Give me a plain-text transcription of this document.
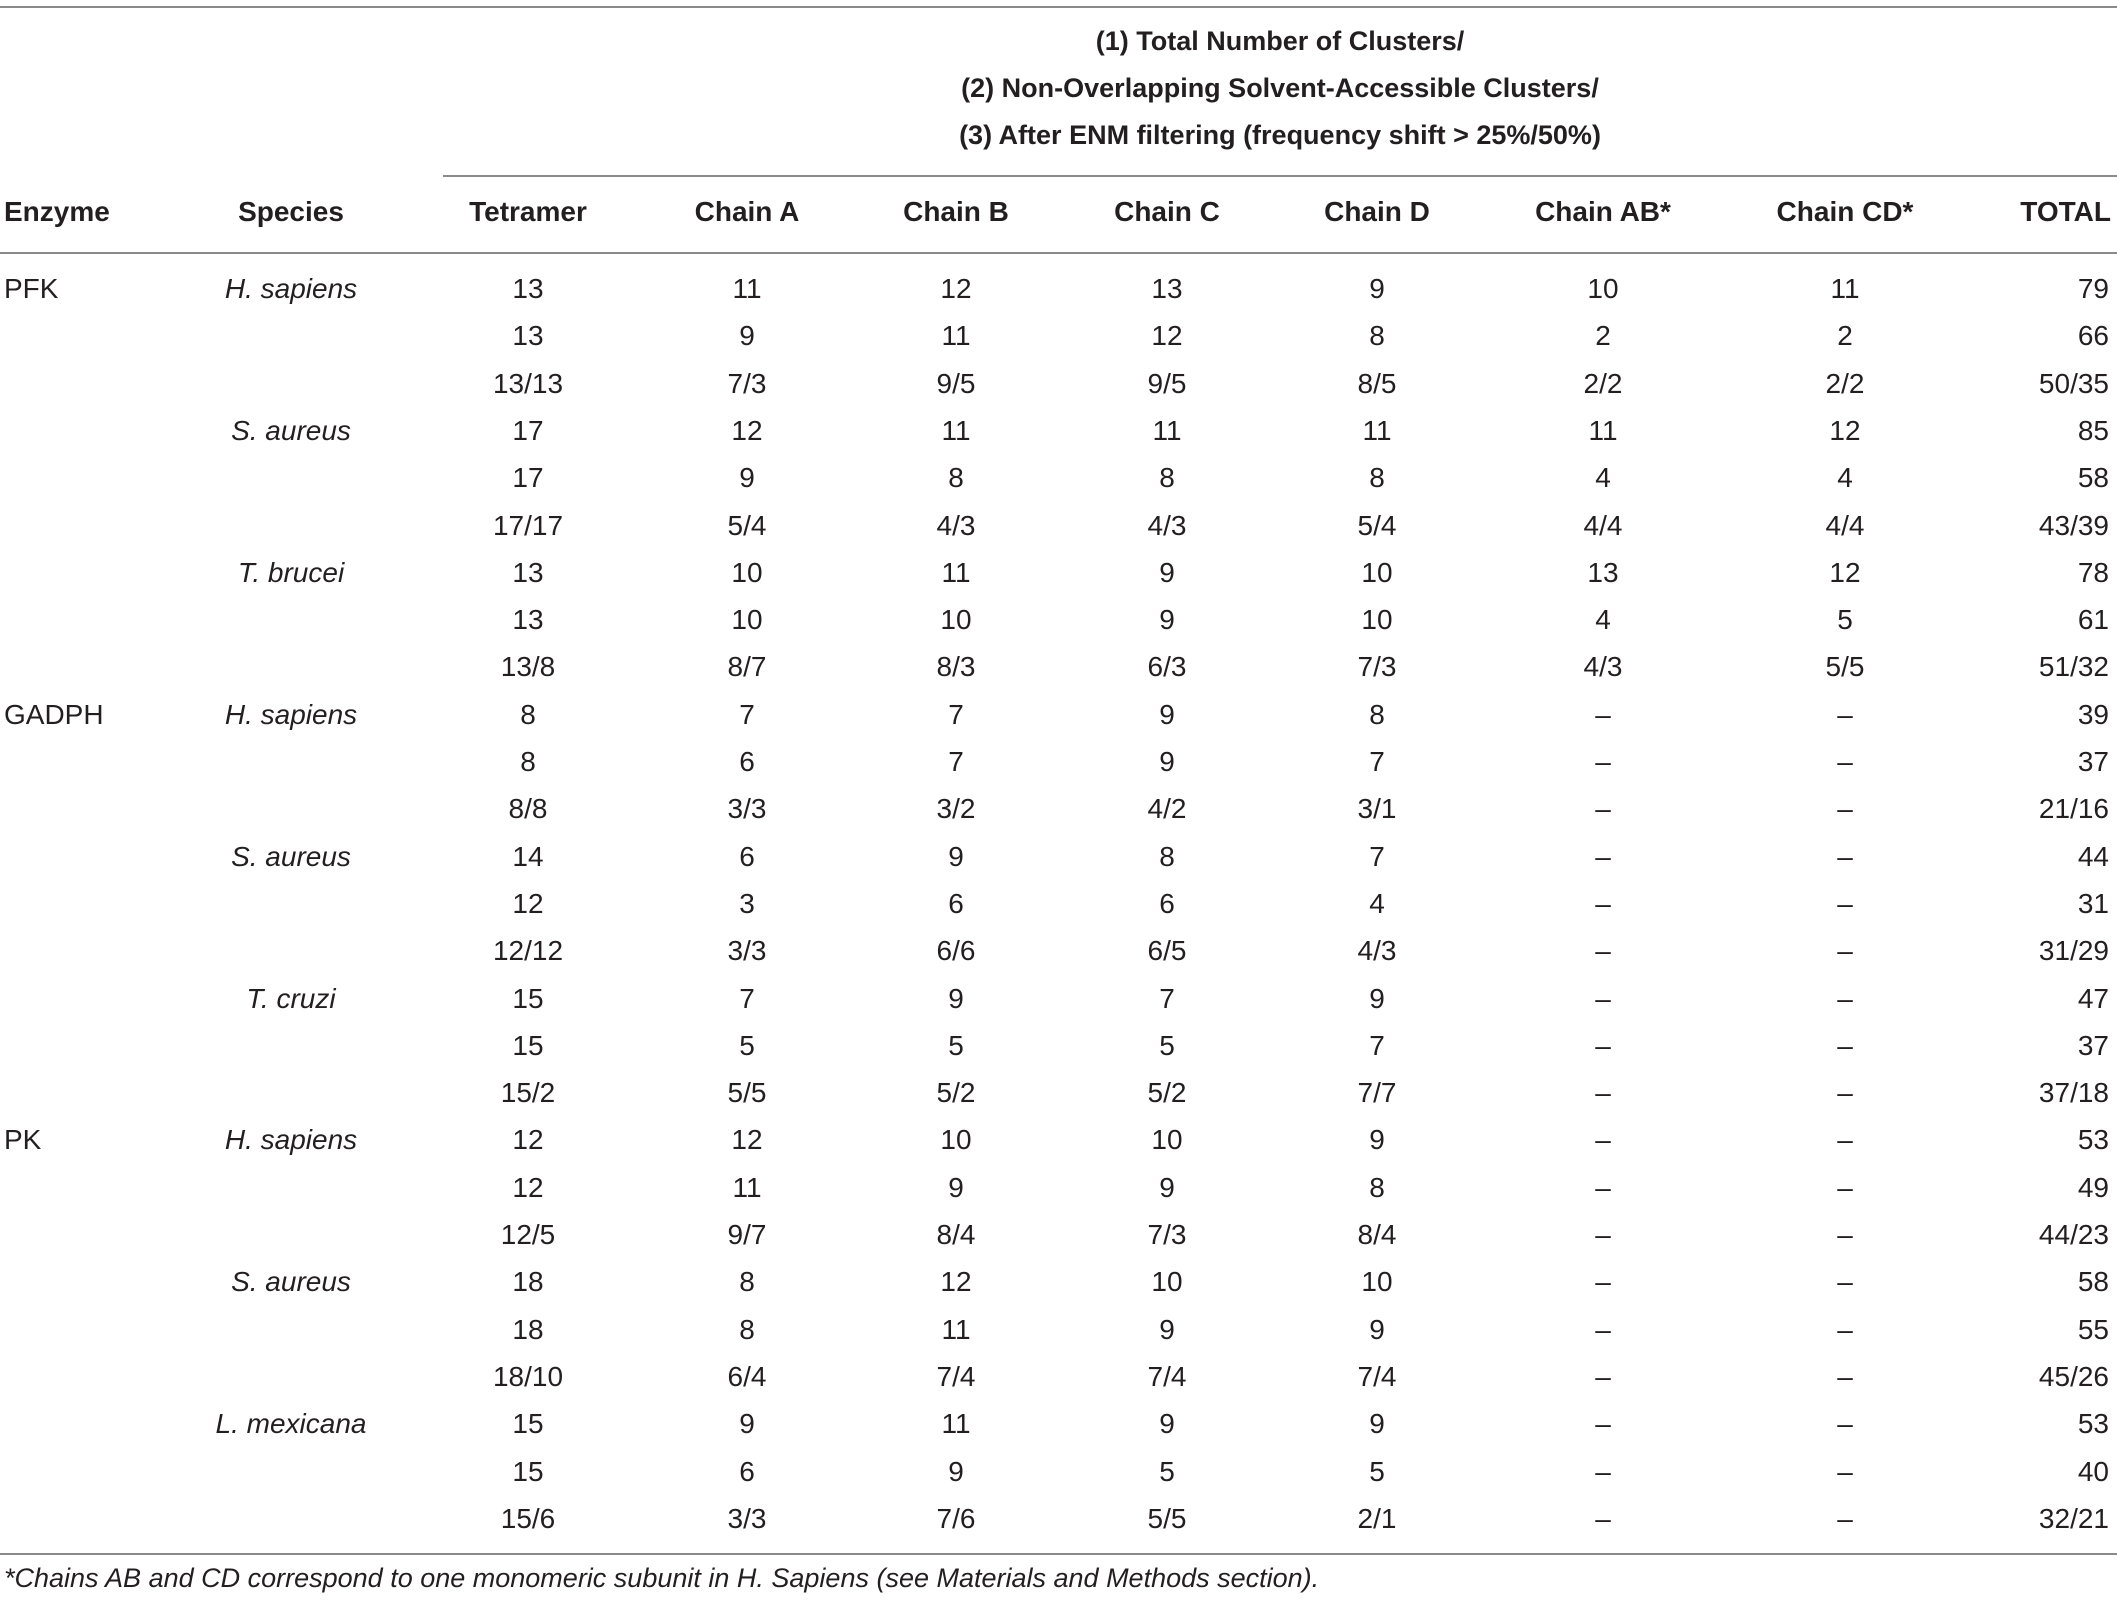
(1) Total Number of Clusters/
(2) Non-Overlapping Solvent-Accessible Clusters/
(3) After ENM filtering (frequency shift > 25%/50%)
Enzyme	Species	Tetramer	Chain A	Chain B	Chain C	Chain D	Chain AB*	Chain CD*	TOTAL
PFK	H. sapiens	13	11	12	13	9	10	11	79
13	9	11	12	8	2	2	66
13/13	7/3	9/5	9/5	8/5	2/2	2/2	50/35
S. aureus	17	12	11	11	11	11	12	85
17	9	8	8	8	4	4	58
17/17	5/4	4/3	4/3	5/4	4/4	4/4	43/39
T. brucei	13	10	11	9	10	13	12	78
13	10	10	9	10	4	5	61
13/8	8/7	8/3	6/3	7/3	4/3	5/5	51/32
GADPH	H. sapiens	8	7	7	9	8	–	–	39
8	6	7	9	7	–	–	37
8/8	3/3	3/2	4/2	3/1	–	–	21/16
S. aureus	14	6	9	8	7	–	–	44
12	3	6	6	4	–	–	31
12/12	3/3	6/6	6/5	4/3	–	–	31/29
T. cruzi	15	7	9	7	9	–	–	47
15	5	5	5	7	–	–	37
15/2	5/5	5/2	5/2	7/7	–	–	37/18
PK	H. sapiens	12	12	10	10	9	–	–	53
12	11	9	9	8	–	–	49
12/5	9/7	8/4	7/3	8/4	–	–	44/23
S. aureus	18	8	12	10	10	–	–	58
18	8	11	9	9	–	–	55
18/10	6/4	7/4	7/4	7/4	–	–	45/26
L. mexicana	15	9	11	9	9	–	–	53
15	6	9	5	5	–	–	40
15/6	3/3	7/6	5/5	2/1	–	–	32/21
*Chains AB and CD correspond to one monomeric subunit in H. Sapiens (see Materials and Methods section).
